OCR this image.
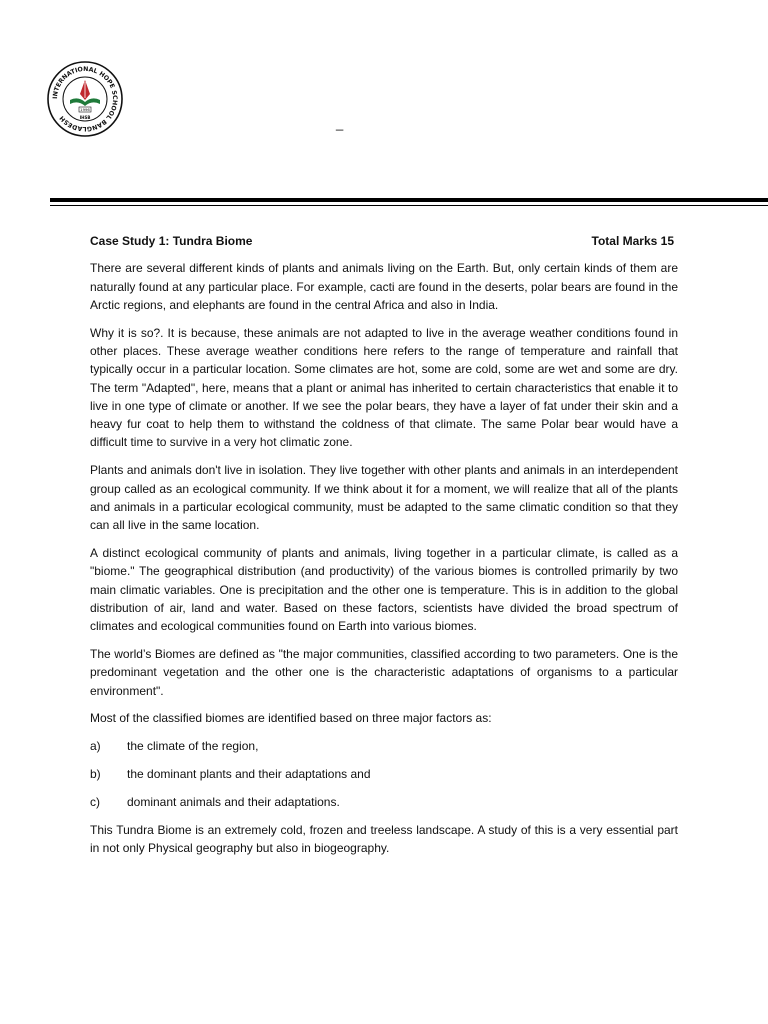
INTERNATIONAL HOPE SCHOOL BANGLADESH
1996
IHSB	_
Case Study 1: Tundra Biome	Total Marks 15

There are several different kinds of plants and animals living on the Earth. But, only certain kinds of them are naturally found at any particular place. For example, cacti are found in the deserts, polar bears are found in the Arctic regions, and elephants are found in the central Africa and also in India.

Why it is so?. It is because, these animals are not adapted to live in the average weather conditions found in other places. These average weather conditions here refers to the range of temperature and rainfall that typically occur in a particular location. Some climates are hot, some are cold, some are wet and some are dry. The term "Adapted", here, means that a plant or animal has inherited to certain characteristics that enable it to live in one type of climate or another. If we see the polar bears, they have a layer of fat under their skin and a heavy fur coat to help them to withstand the coldness of that climate. The same Polar bear would have a difficult time to survive in a very hot climatic zone.

Plants and animals don't live in isolation. They live together with other plants and animals in an interdependent group called as an ecological community. If we think about it for a moment, we will realize that all of the plants and animals in a particular ecological community, must be adapted to the same climatic condition so that they can all live in the same location.

A distinct ecological community of plants and animals, living together in a particular climate, is called as a "biome." The geographical distribution (and productivity) of the various biomes is controlled primarily by two main climatic variables. One is precipitation and the other one is temperature. This is in addition to the global distribution of air, land and water. Based on these factors, scientists have divided the broad spectrum of climates and ecological communities found on Earth into various biomes.

The world’s Biomes are defined as "the major communities, classified according to two parameters. One is the predominant vegetation and the other one is the characteristic adaptations of organisms to a particular environment".

Most of the classified biomes are identified based on three major factors as:

a)	the climate of the region,
b)	the dominant plants and their adaptations and
c)	dominant animals and their adaptations.

This Tundra Biome is an extremely cold, frozen and treeless landscape. A study of this is a very essential part in not only Physical geography but also in biogeography.
